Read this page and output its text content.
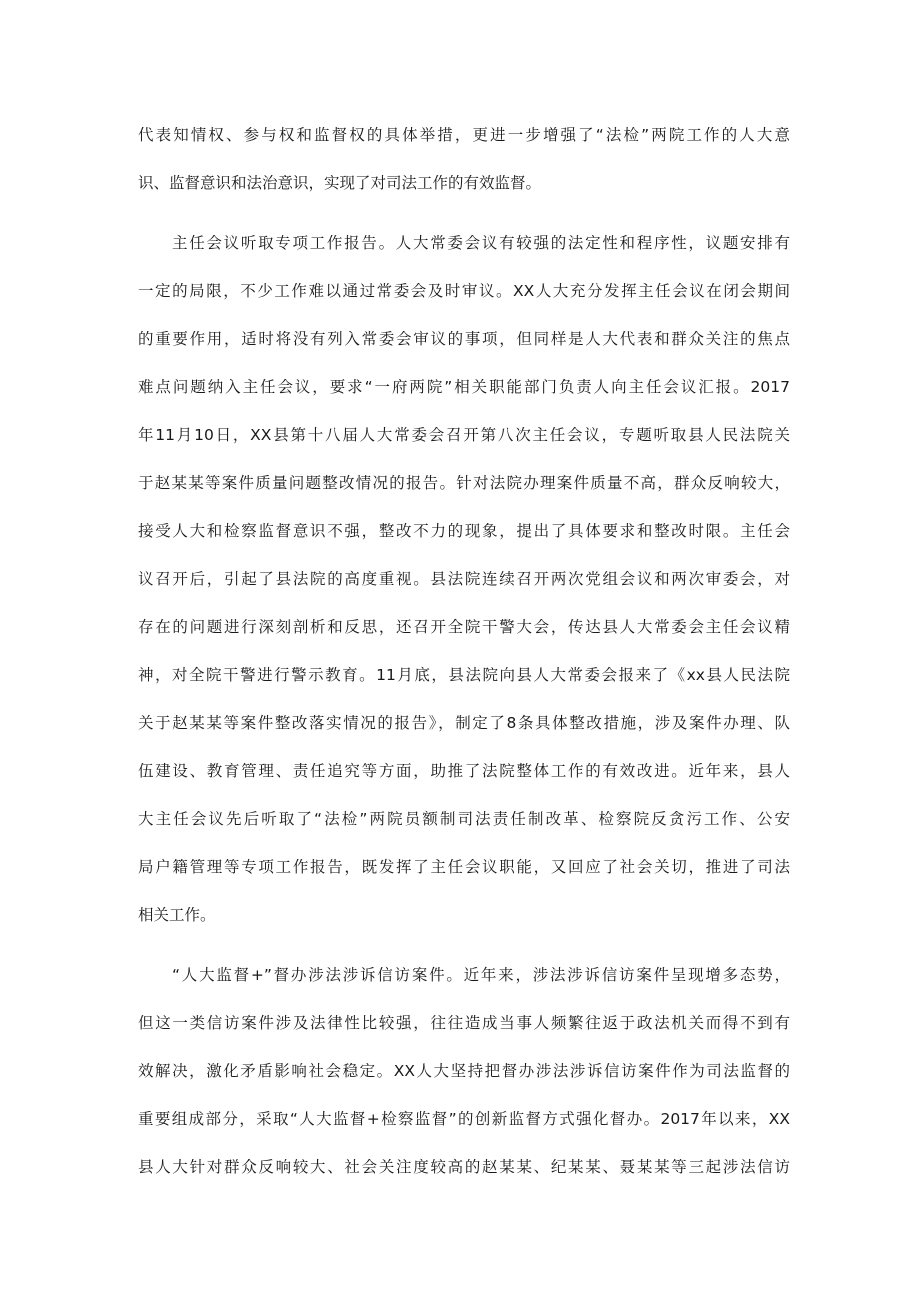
代表知情权、参与权和监督权的具体举措，更进一步增强了“法检”两院工作的人大意

识、监督意识和法治意识，实现了对司法工作的有效监督。

主任会议听取专项工作报告。人大常委会议有较强的法定性和程序性，议题安排有

一定的局限，不少工作难以通过常委会及时审议。XX人大充分发挥主任会议在闭会期间

的重要作用，适时将没有列入常委会审议的事项，但同样是人大代表和群众关注的焦点

难点问题纳入主任会议，要求“一府两院”相关职能部门负责人向主任会议汇报。2017

年11月10日，XX县第十八届人大常委会召开第八次主任会议，专题听取县人民法院关

于赵某某等案件质量问题整改情况的报告。针对法院办理案件质量不高，群众反响较大，

接受人大和检察监督意识不强，整改不力的现象，提出了具体要求和整改时限。主任会

议召开后，引起了县法院的高度重视。县法院连续召开两次党组会议和两次审委会，对

存在的问题进行深刻剖析和反思，还召开全院干警大会，传达县人大常委会主任会议精

神，对全院干警进行警示教育。11月底，县法院向县人大常委会报来了《xx县人民法院

关于赵某某等案件整改落实情况的报告》，制定了8条具体整改措施，涉及案件办理、队

伍建设、教育管理、责任追究等方面，助推了法院整体工作的有效改进。近年来，县人

大主任会议先后听取了“法检”两院员额制司法责任制改革、检察院反贪污工作、公安

局户籍管理等专项工作报告，既发挥了主任会议职能，又回应了社会关切，推进了司法

相关工作。

“人大监督+”督办涉法涉诉信访案件。近年来，涉法涉诉信访案件呈现增多态势，

但这一类信访案件涉及法律性比较强，往往造成当事人频繁往返于政法机关而得不到有

效解决，激化矛盾影响社会稳定。XX人大坚持把督办涉法涉诉信访案件作为司法监督的

重要组成部分，采取“人大监督+检察监督”的创新监督方式强化督办。2017年以来，XX

县人大针对群众反响较大、社会关注度较高的赵某某、纪某某、聂某某等三起涉法信访
